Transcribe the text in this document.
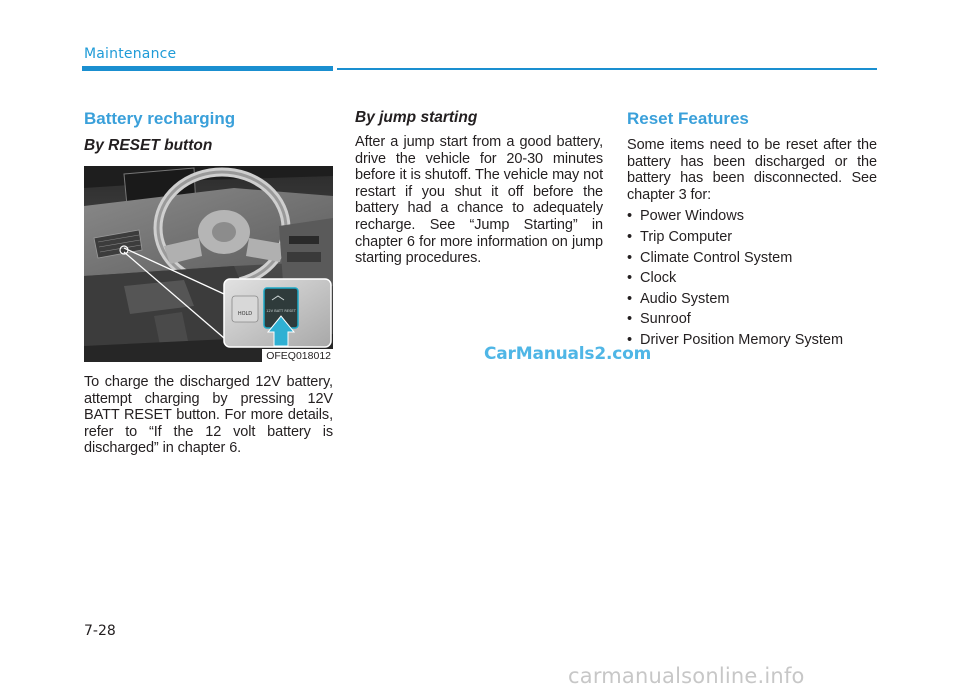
Maintenance
Battery recharging
By RESET button
HOLD	12V BATT RESET
OFEQ018012

To charge the discharged 12V battery, attempt charging by pressing 12V BATT RESET button. For more details, refer to “If the 12 volt battery is discharged” in chapter 6.

By jump starting

After a jump start from a good battery, drive the vehicle for 20-30 minutes before it is shutoff. The vehicle may not restart if you shut it off before the battery had a chance to adequately recharge. See “Jump Starting” in chapter 6 for more information on jump starting procedures.

Reset Features

Some items need to be reset after the battery has been discharged or the battery has been disconnected. See chapter 3 for:

• Power Windows
• Trip Computer
• Climate Control System
• Clock
• Audio System
• Sunroof
• Driver Position Memory System
CarManuals2.com
7-28
carmanualsonline.info
